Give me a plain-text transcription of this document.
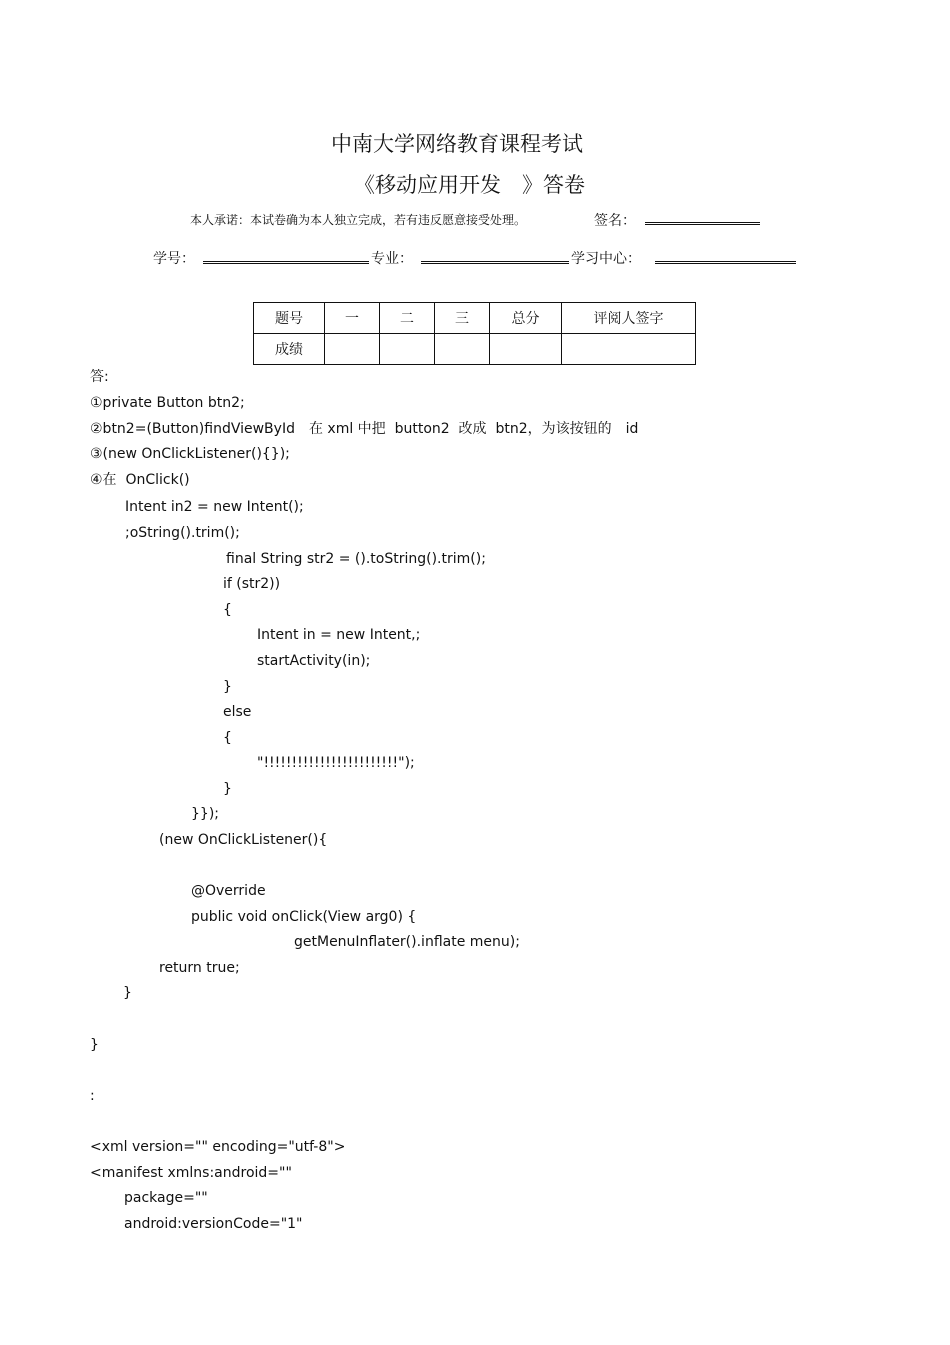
中南大学网络教育课程考试
《移动应用开发　》答卷
本人承诺：本试卷确为本人独立完成，若有违反愿意接受处理。	签名：
学号：	专业：	学习中心：
题号	一	二	三	总分	评阅人签字
成绩					
答:
①private Button btn2;
②btn2=(Button)findViewById　在 xml 中把  button2  改成  btn2，为该按钮的　id
③(new OnClickListener(){});
④在  OnClick()
Intent in2 = new Intent();
;oString().trim();
final String str2 = ().toString().trim();
if (str2))
{
Intent in = new Intent,;
startActivity(in);
}
else
{
"!!!!!!!!!!!!!!!!!!!!!!!!");
}
}});
(new OnClickListener(){
@Override
public void onClick(View arg0) {
getMenuInflater().inflate menu);
return true;
}
}
:
<xml version="" encoding="utf-8">
<manifest xmlns:android=""
package=""
android:versionCode="1"
